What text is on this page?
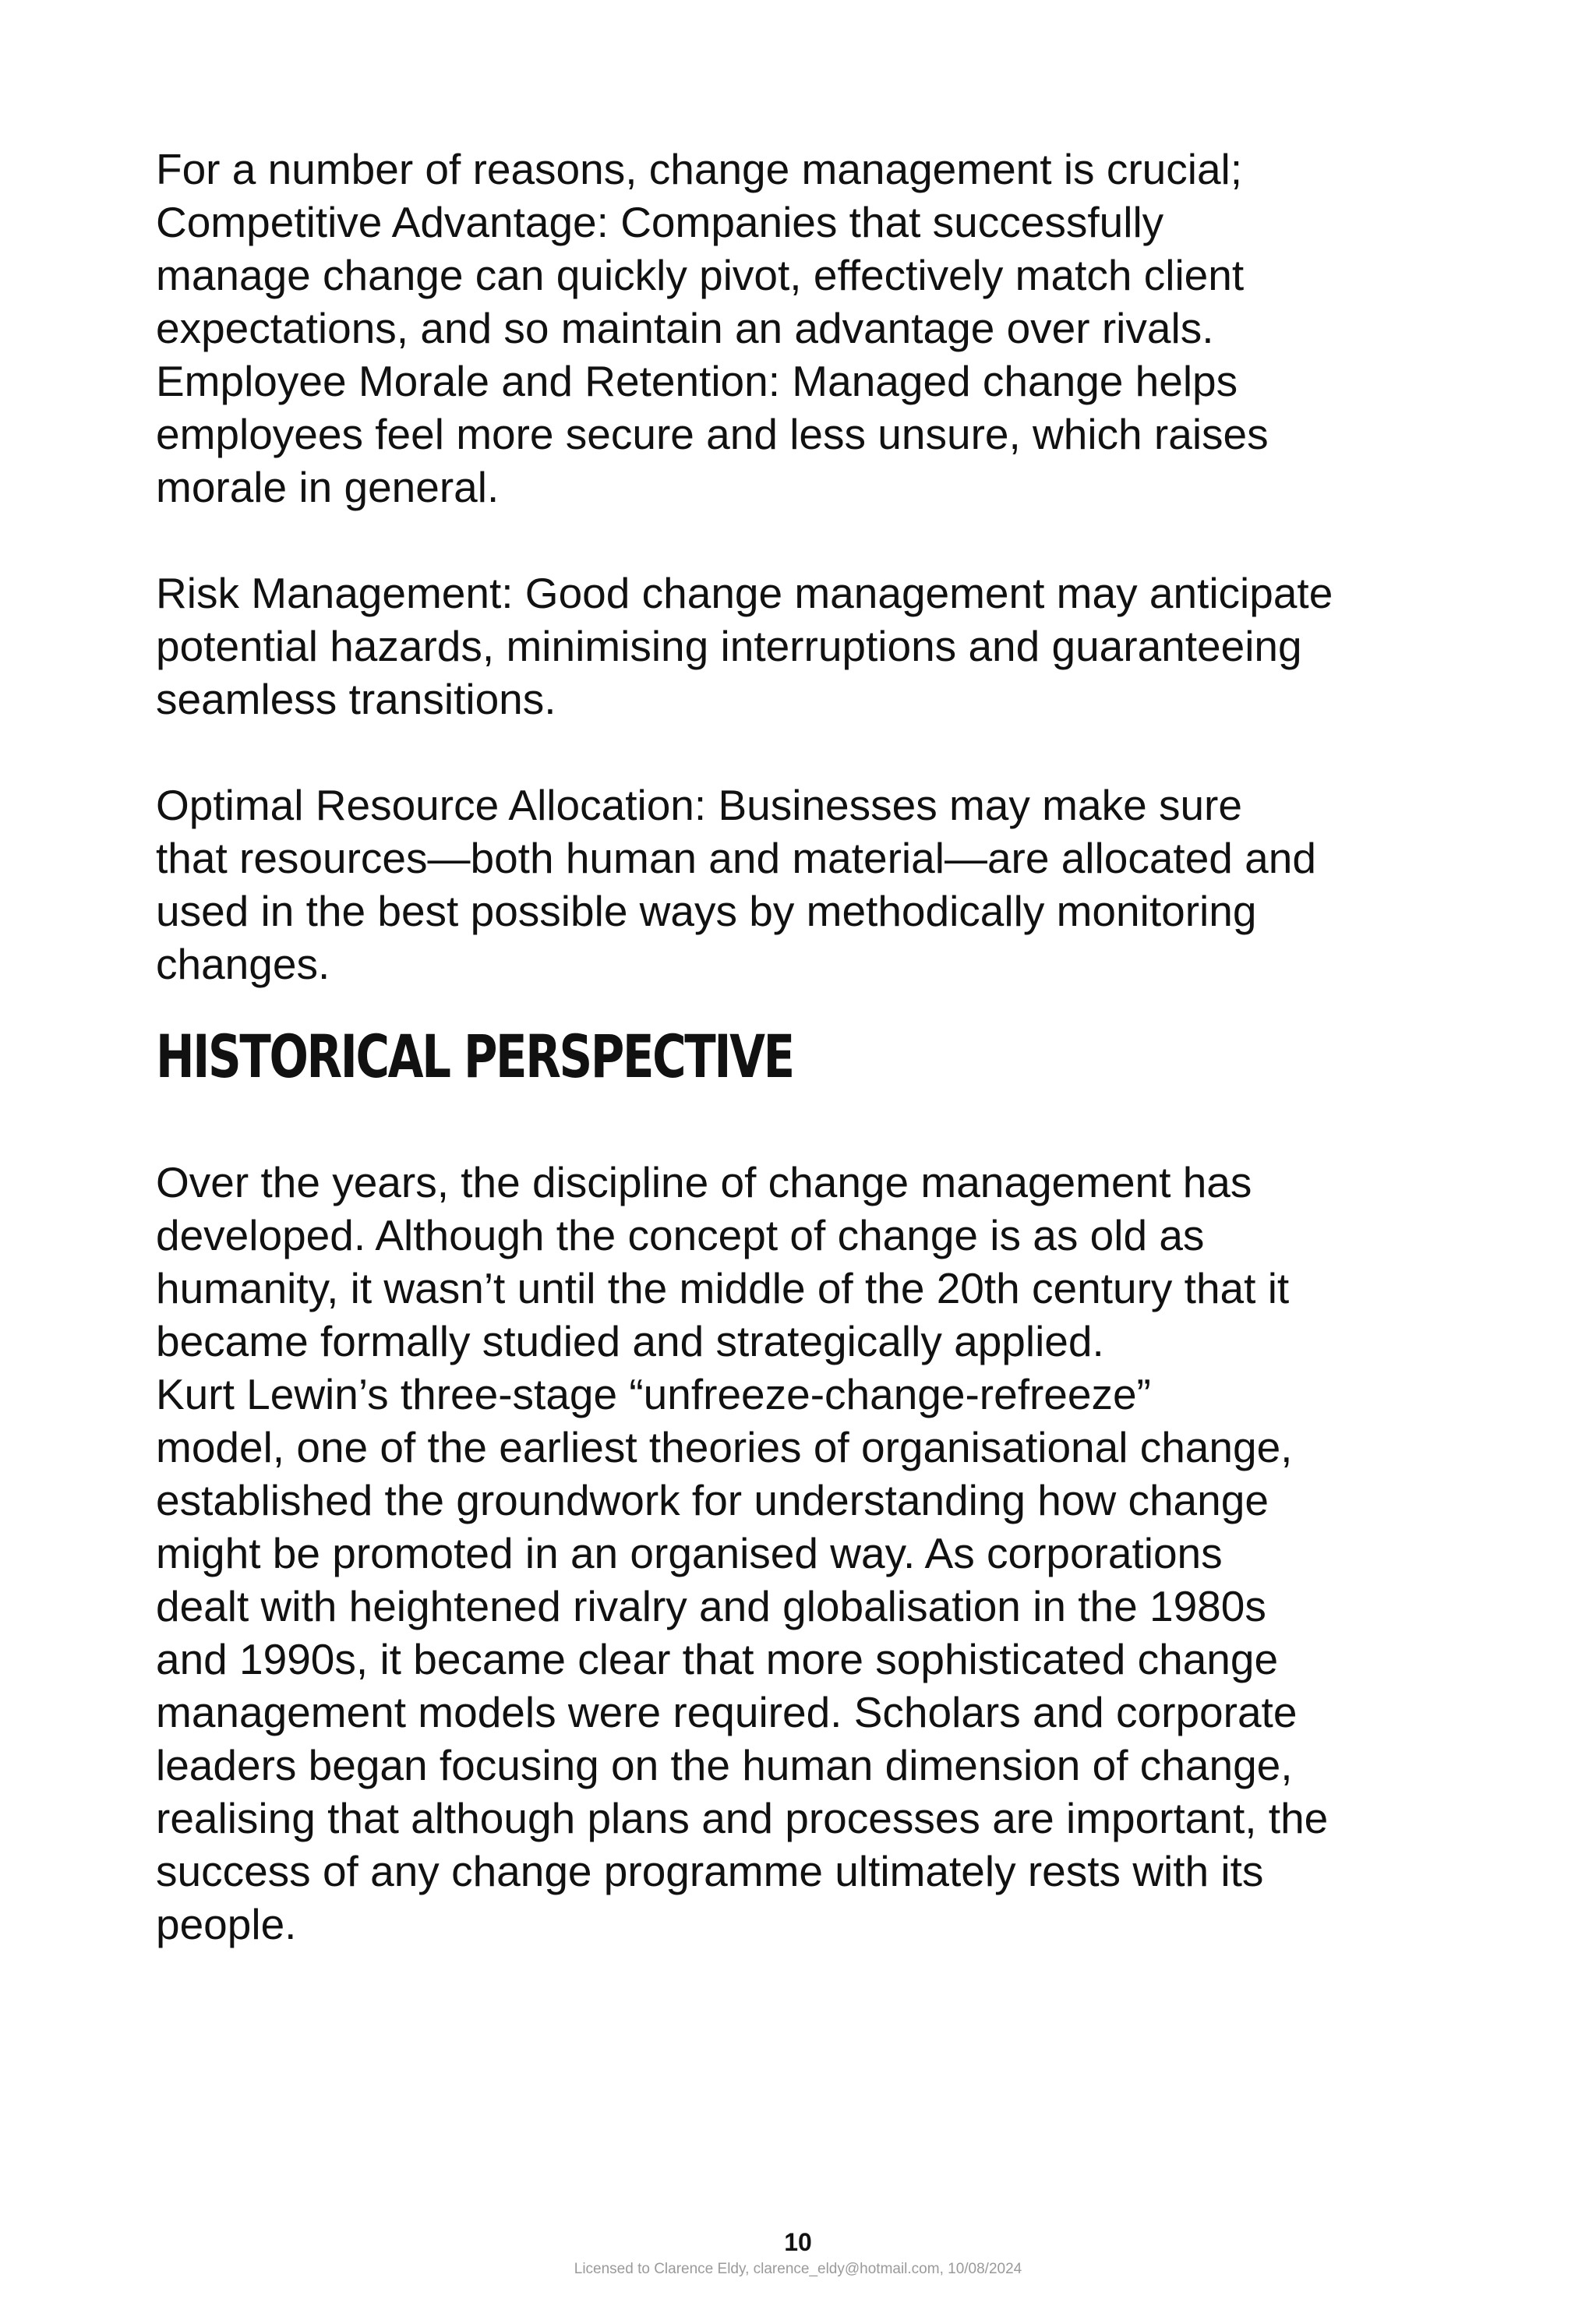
For a number of reasons, change management is crucial;

Competitive Advantage: Companies that successfully

manage change can quickly pivot, effectively match client

expectations, and so maintain an advantage over rivals.

Employee Morale and Retention: Managed change helps

employees feel more secure and less unsure, which raises

morale in general.

Risk Management: Good change management may anticipate

potential hazards, minimising interruptions and guaranteeing

seamless transitions.

Optimal Resource Allocation: Businesses may make sure

that resources—both human and material—are allocated and

used in the best possible ways by methodically monitoring

changes.

HISTORICAL PERSPECTIVE

Over the years, the discipline of change management has

developed. Although the concept of change is as old as

humanity, it wasn’t until the middle of the 20th century that it

became formally studied and strategically applied.

Kurt Lewin’s three-stage “unfreeze-change-refreeze”

model, one of the earliest theories of organisational change,

established the groundwork for understanding how change

might be promoted in an organised way. As corporations

dealt with heightened rivalry and globalisation in the 1980s

and 1990s, it became clear that more sophisticated change

management models were required. Scholars and corporate

leaders began focusing on the human dimension of change,

realising that although plans and processes are important, the

success of any change programme ultimately rests with its

people.

10
Licensed to Clarence Eldy, clarence_eldy@hotmail.com, 10/08/2024
